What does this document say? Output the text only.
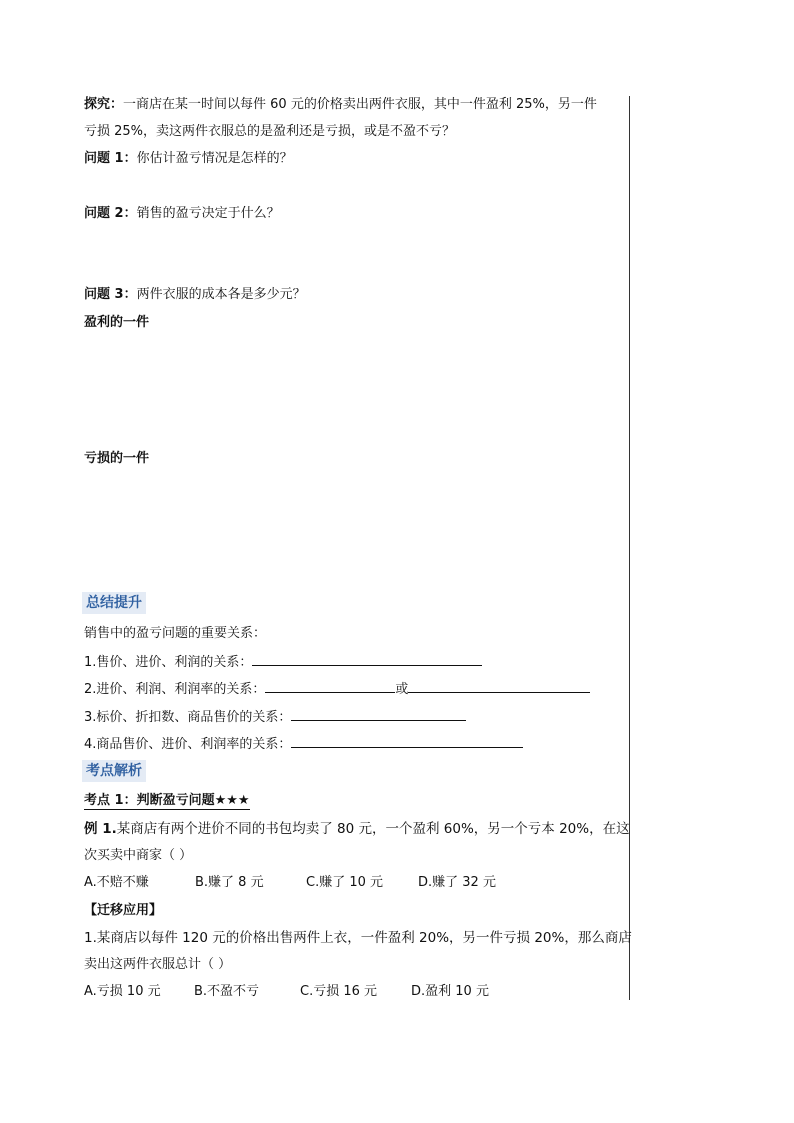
探究：一商店在某一时间以每件 60 元的价格卖出两件衣服，其中一件盈利 25%，另一件
亏损 25%，卖这两件衣服总的是盈利还是亏损，或是不盈不亏？
问题 1：你估计盈亏情况是怎样的？
问题 2：销售的盈亏决定于什么？
问题 3：两件衣服的成本各是多少元？
盈利的一件
亏损的一件
总结提升
销售中的盈亏问题的重要关系：
1.售价、进价、利润的关系：
2.进价、利润、利润率的关系：	或
3.标价、折扣数、商品售价的关系：
4.商品售价、进价、利润率的关系：
考点解析
考点 1：判断盈亏问题★★★
例 1.某商店有两个进价不同的书包均卖了 80 元，一个盈利 60%，另一个亏本 20%，在这
次买卖中商家（ ）
A.不赔不赚	B.赚了 8 元	C.赚了 10 元	D.赚了 32 元
【迁移应用】
1.某商店以每件 120 元的价格出售两件上衣，一件盈利 20%，另一件亏损 20%，那么商店
卖出这两件衣服总计（ ）
A.亏损 10 元	B.不盈不亏	C.亏损 16 元	D.盈利 10 元
